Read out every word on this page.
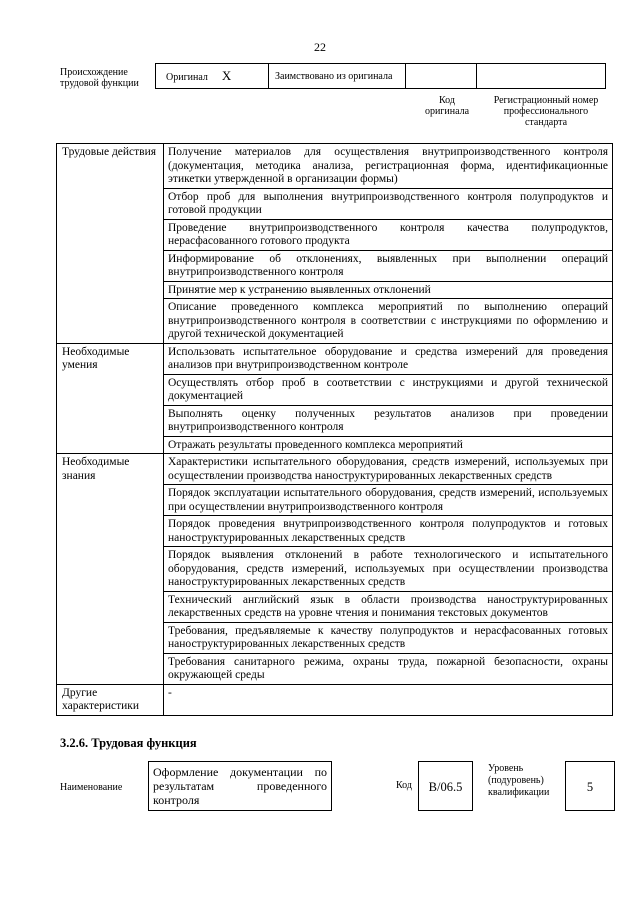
22
Происхождение
трудовой функции
Оригинал X	Заимствовано из оригинала		
Код
оригинала
Регистрационный номер
профессионального
стандарта
Трудовые действия	Получение материалов для осуществления внутрипроизводственного контроля (документация, методика анализа, регистрационная форма, идентификационные этикетки утвержденной в организации формы)
	Отбор проб для выполнения внутрипроизводственного контроля полупродуктов и готовой продукции
	Проведение внутрипроизводственного контроля качества полупродуктов, нерасфасованного готового продукта
	Информирование об отклонениях, выявленных при выполнении операций внутрипроизводственного контроля
	Принятие мер к устранению выявленных отклонений
	Описание проведенного комплекса мероприятий по выполнению операций внутрипроизводственного контроля в соответствии с инструкциями по оформлению и другой технической документацией
Необходимые умения	Использовать испытательное оборудование и средства измерений для проведения анализов при внутрипроизводственном контроле
	Осуществлять отбор проб в соответствии с инструкциями и другой технической документацией
	Выполнять оценку полученных результатов анализов при проведении внутрипроизводственного контроля
	Отражать результаты проведенного комплекса мероприятий
Необходимые знания	Характеристики испытательного оборудования, средств измерений, используемых при осуществлении производства наноструктурированных лекарственных средств
	Порядок эксплуатации испытательного оборудования, средств измерений, используемых при осуществлении внутрипроизводственного контроля
	Порядок проведения внутрипроизводственного контроля полупродуктов и готовых наноструктурированных лекарственных средств
	Порядок выявления отклонений в работе технологического и испытательного оборудования, средств измерений, используемых при осуществлении производства наноструктурированных лекарственных средств
	Технический английский язык в области производства наноструктурированных лекарственных средств на уровне чтения и понимания текстовых документов
	Требования, предъявляемые к качеству полупродуктов и нерасфасованных готовых наноструктурированных лекарственных средств
	Требования санитарного режима, охраны труда, пожарной безопасности, охраны окружающей среды
Другие характеристики	-
3.2.6. Трудовая функция
Наименование
Оформление документации по
результатам проведенного
контроля
Код	B/06.5
Уровень
(подуровень)
квалификации	5
